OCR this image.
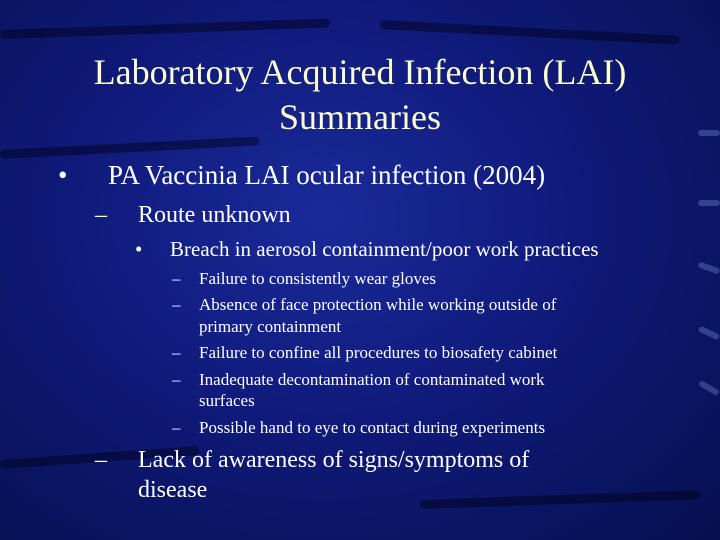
Laboratory Acquired Infection (LAI)
Summaries
• PA Vaccinia LAI ocular infection (2004)
– Route unknown
• Breach in aerosol containment/poor work practices
– Failure to consistently wear gloves
– Absence of face protection while working outside of
primary containment
– Failure to confine all procedures to biosafety cabinet
– Inadequate decontamination of contaminated work
surfaces
– Possible hand to eye to contact during experiments
– Lack of awareness of signs/symptoms of
disease
